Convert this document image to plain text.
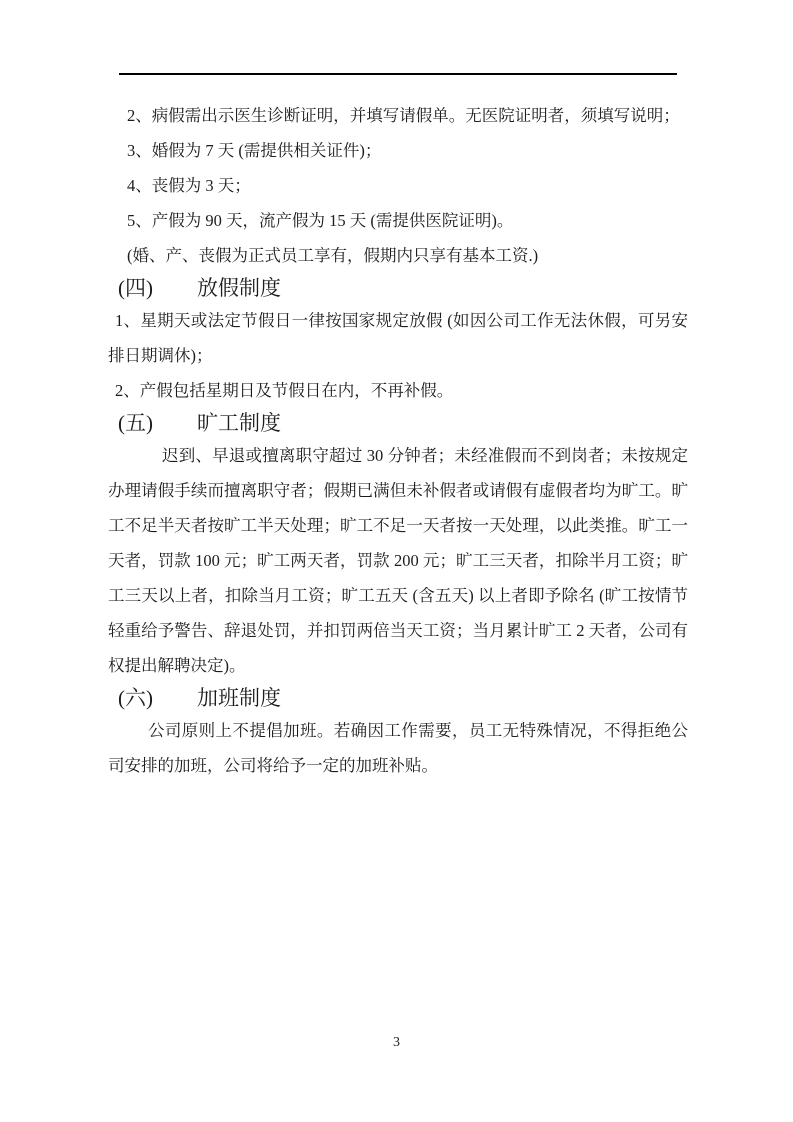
2、病假需出示医生诊断证明，并填写请假单。无医院证明者，须填写说明；
3、婚假为 7 天 (需提供相关证件)；
4、丧假为 3 天；
5、产假为 90 天，流产假为 15 天 (需提供医院证明)。
(婚、产、丧假为正式员工享有，假期内只享有基本工资.)
(四) 放假制度
1、星期天或法定节假日一律按国家规定放假 (如因公司工作无法休假，可另安排日期调休)；
2、产假包括星期日及节假日在内，不再补假。
(五) 旷工制度
迟到、早退或擅离职守超过 30 分钟者；未经准假而不到岗者；未按规定办理请假手续而擅离职守者；假期已满但未补假者或请假有虚假者均为旷工。旷工不足半天者按旷工半天处理；旷工不足一天者按一天处理，以此类推。旷工一天者，罚款 100 元；旷工两天者，罚款 200 元；旷工三天者，扣除半月工资；旷工三天以上者，扣除当月工资；旷工五天 (含五天) 以上者即予除名 (旷工按情节轻重给予警告、辞退处罚，并扣罚两倍当天工资；当月累计旷工 2 天者，公司有权提出解聘决定)。
(六) 加班制度
公司原则上不提倡加班。若确因工作需要，员工无特殊情况，不得拒绝公司安排的加班，公司将给予一定的加班补贴。
3
